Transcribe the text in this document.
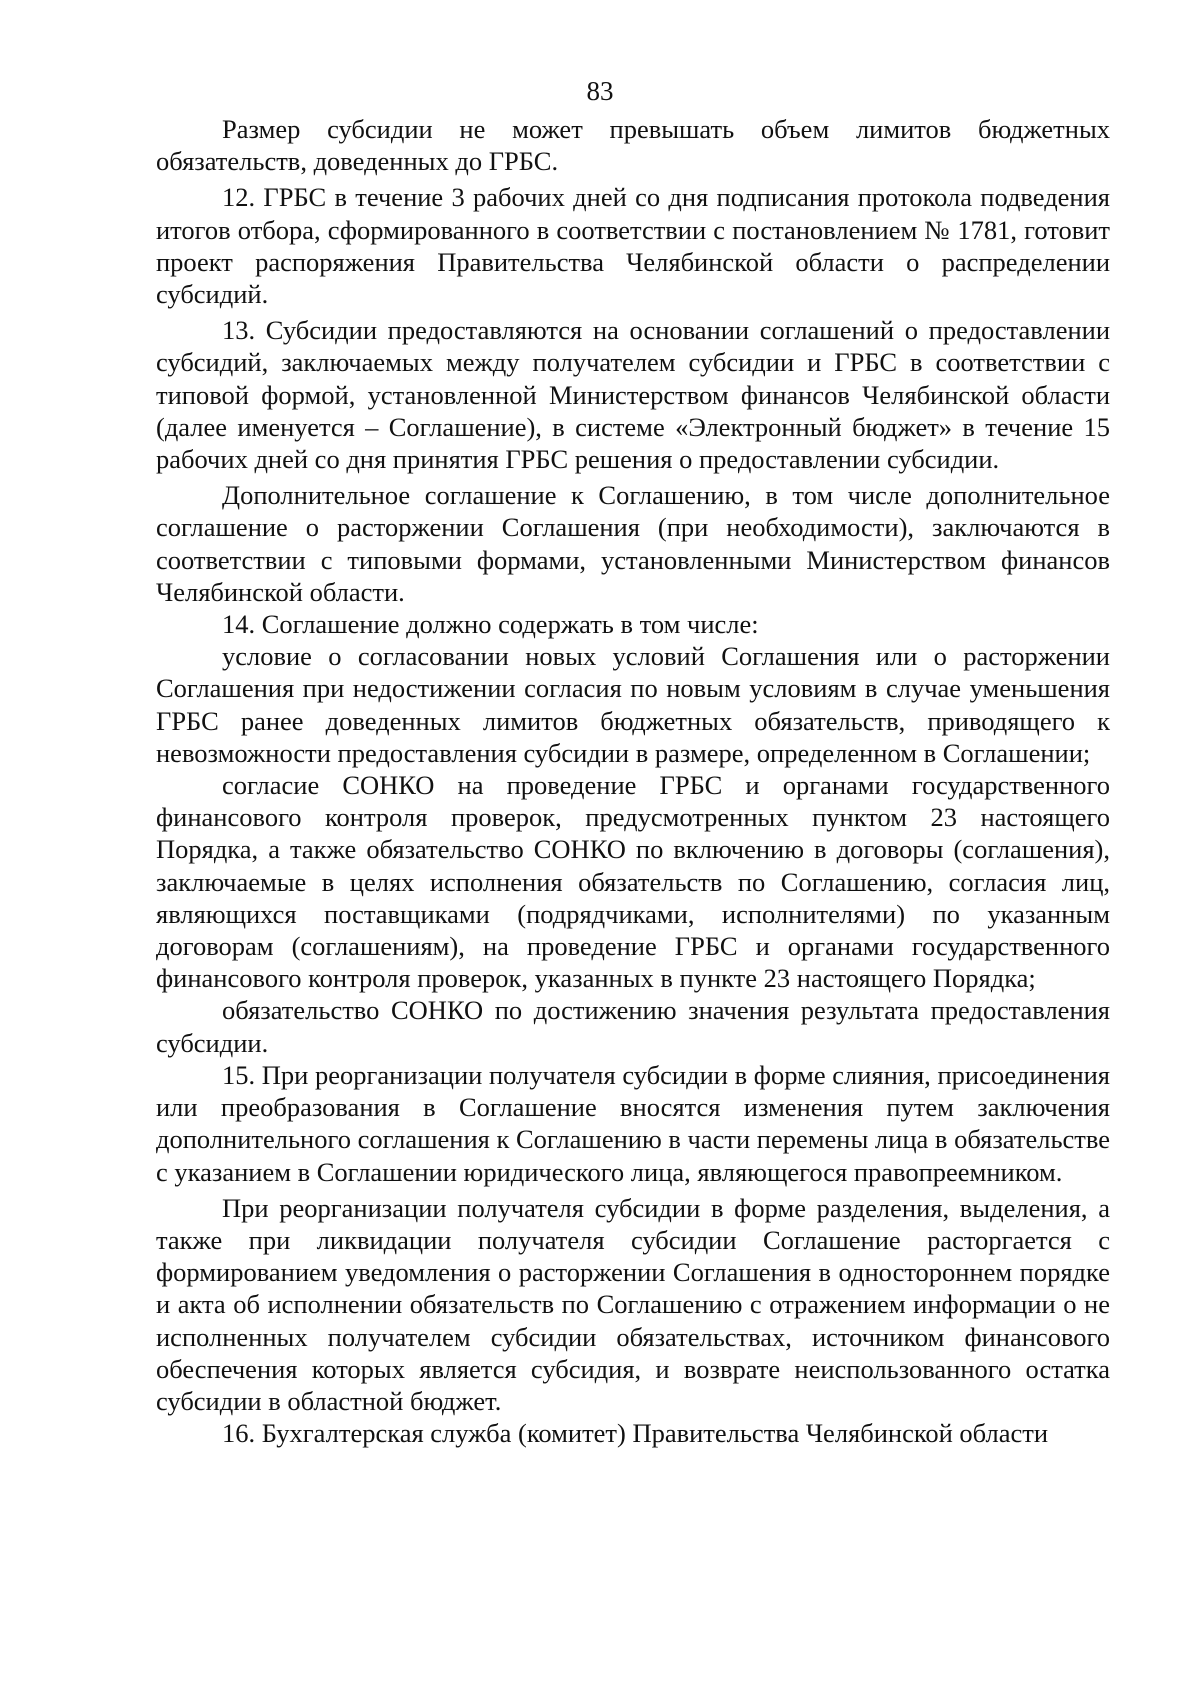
83

Размер субсидии не может превышать объем лимитов бюджетных обязательств, доведенных до ГРБС.

12. ГРБС в течение 3 рабочих дней со дня подписания протокола подведения итогов отбора, сформированного в соответствии с постановлением № 1781, готовит проект распоряжения Правительства Челябинской области о распределении субсидий.

13. Субсидии предоставляются на основании соглашений о предоставлении субсидий, заключаемых между получателем субсидии и ГРБС в соответствии с типовой формой, установленной Министерством финансов Челябинской области (далее именуется – Соглашение), в системе «Электронный бюджет» в течение 15 рабочих дней со дня принятия ГРБС решения о предоставлении субсидии.

Дополнительное соглашение к Соглашению, в том числе дополнительное соглашение о расторжении Соглашения (при необходимости), заключаются в соответствии с типовыми формами, установленными Министерством финансов Челябинской области.

14. Соглашение должно содержать в том числе:

условие о согласовании новых условий Соглашения или о расторжении Соглашения при недостижении согласия по новым условиям в случае уменьшения ГРБС ранее доведенных лимитов бюджетных обязательств, приводящего к невозможности предоставления субсидии в размере, определенном в Соглашении;

согласие СОНКО на проведение ГРБС и органами государственного финансового контроля проверок, предусмотренных пунктом 23 настоящего Порядка, а также обязательство СОНКО по включению в договоры (соглашения), заключаемые в целях исполнения обязательств по Соглашению, согласия лиц, являющихся поставщиками (подрядчиками, исполнителями) по указанным договорам (соглашениям), на проведение ГРБС и органами государственного финансового контроля проверок, указанных в пункте 23 настоящего Порядка;

обязательство СОНКО по достижению значения результата предоставления субсидии.

15. При реорганизации получателя субсидии в форме слияния, присоединения или преобразования в Соглашение вносятся изменения путем заключения дополнительного соглашения к Соглашению в части перемены лица в обязательстве с указанием в Соглашении юридического лица, являющегося правопреемником.

При реорганизации получателя субсидии в форме разделения, выделения, а также при ликвидации получателя субсидии Соглашение расторгается с формированием уведомления о расторжении Соглашения в одностороннем порядке и акта об исполнении обязательств по Соглашению с отражением информации о не исполненных получателем субсидии обязательствах, источником финансового обеспечения которых является субсидия, и возврате неиспользованного остатка субсидии в областной бюджет.

16. Бухгалтерская служба (комитет) Правительства Челябинской области
